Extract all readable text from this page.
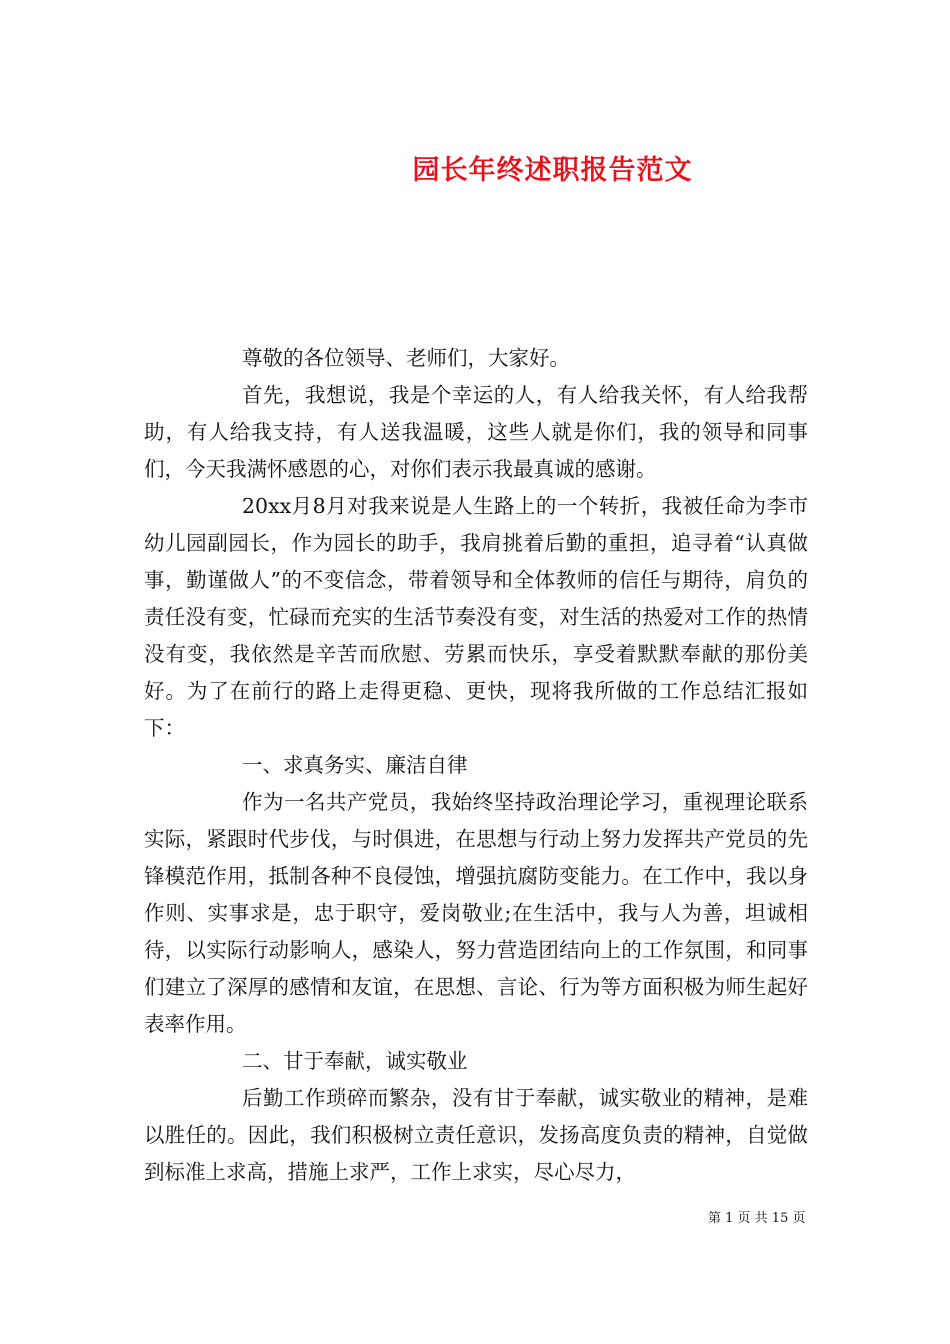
园长年终述职报告范文

尊敬的各位领导、老师们，大家好。

首先，我想说，我是个幸运的人，有人给我关怀，有人给我帮助，有人给我支持，有人送我温暖，这些人就是你们，我的领导和同事们，今天我满怀感恩的心，对你们表示我最真诚的感谢。

20xx月8月对我来说是人生路上的一个转折，我被任命为李市幼儿园副园长，作为园长的助手，我肩挑着后勤的重担，追寻着“认真做事，勤谨做人”的不变信念，带着领导和全体教师的信任与期待，肩负的责任没有变，忙碌而充实的生活节奏没有变，对生活的热爱对工作的热情没有变，我依然是辛苦而欣慰、劳累而快乐，享受着默默奉献的那份美好。为了在前行的路上走得更稳、更快，现将我所做的工作总结汇报如下：

一、求真务实、廉洁自律

作为一名共产党员，我始终坚持政治理论学习，重视理论联系实际，紧跟时代步伐，与时俱进，在思想与行动上努力发挥共产党员的先锋模范作用，抵制各种不良侵蚀，增强抗腐防变能力。在工作中，我以身作则、实事求是，忠于职守，爱岗敬业;在生活中，我与人为善，坦诚相待，以实际行动影响人，感染人，努力营造团结向上的工作氛围，和同事们建立了深厚的感情和友谊，在思想、言论、行为等方面积极为师生起好表率作用。

二、甘于奉献，诚实敬业

后勤工作琐碎而繁杂，没有甘于奉献，诚实敬业的精神，是难以胜任的。因此，我们积极树立责任意识，发扬高度负责的精神，自觉做到标准上求高，措施上求严，工作上求实，尽心尽力，

第 1 页 共 15 页
